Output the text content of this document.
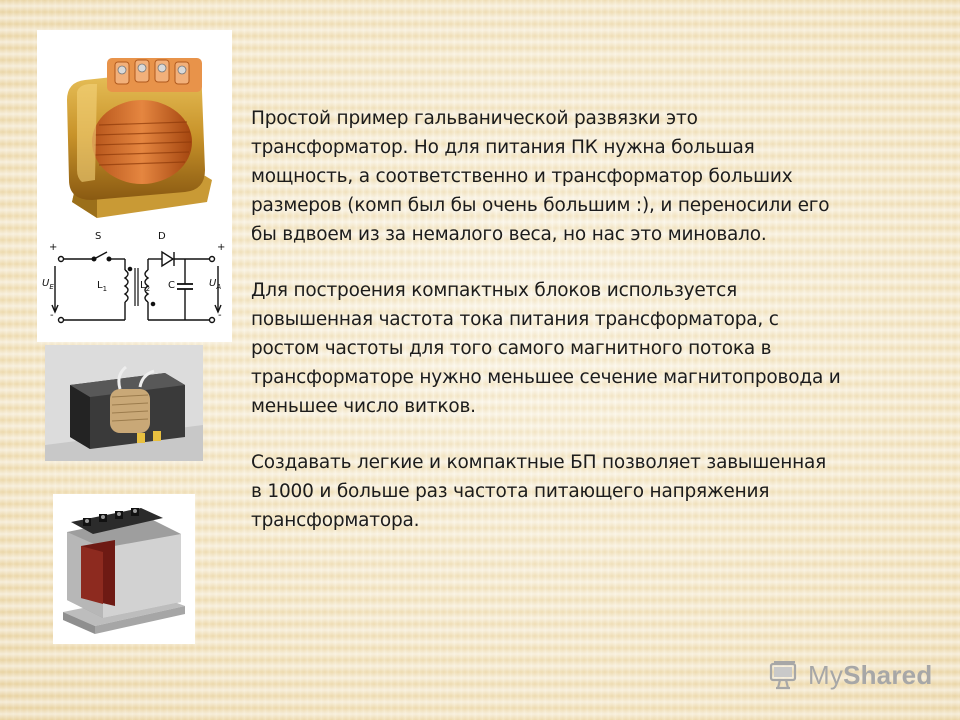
+
-
+
-
S	D
C
$L_1$	$L_2$
$U_E$	$U_A$

Простой пример гальванической развязки это
трансформатор. Но для питания ПК нужна большая
мощность, а соответственно и трансформатор больших
размеров (комп был бы очень большим :), и переносили его
бы вдвоем из за немалого веса, но нас это миновало.

Для построения компактных блоков используется
повышенная частота тока питания трансформатора, с
ростом частоты для того самого магнитного потока в
трансформаторе нужно меньшее сечение магнитопровода и
меньшее число витков.

Создавать легкие и компактные БП позволяет завышенная
в 1000 и больше раз частота питающего напряжения
трансформатора.

MyShared
